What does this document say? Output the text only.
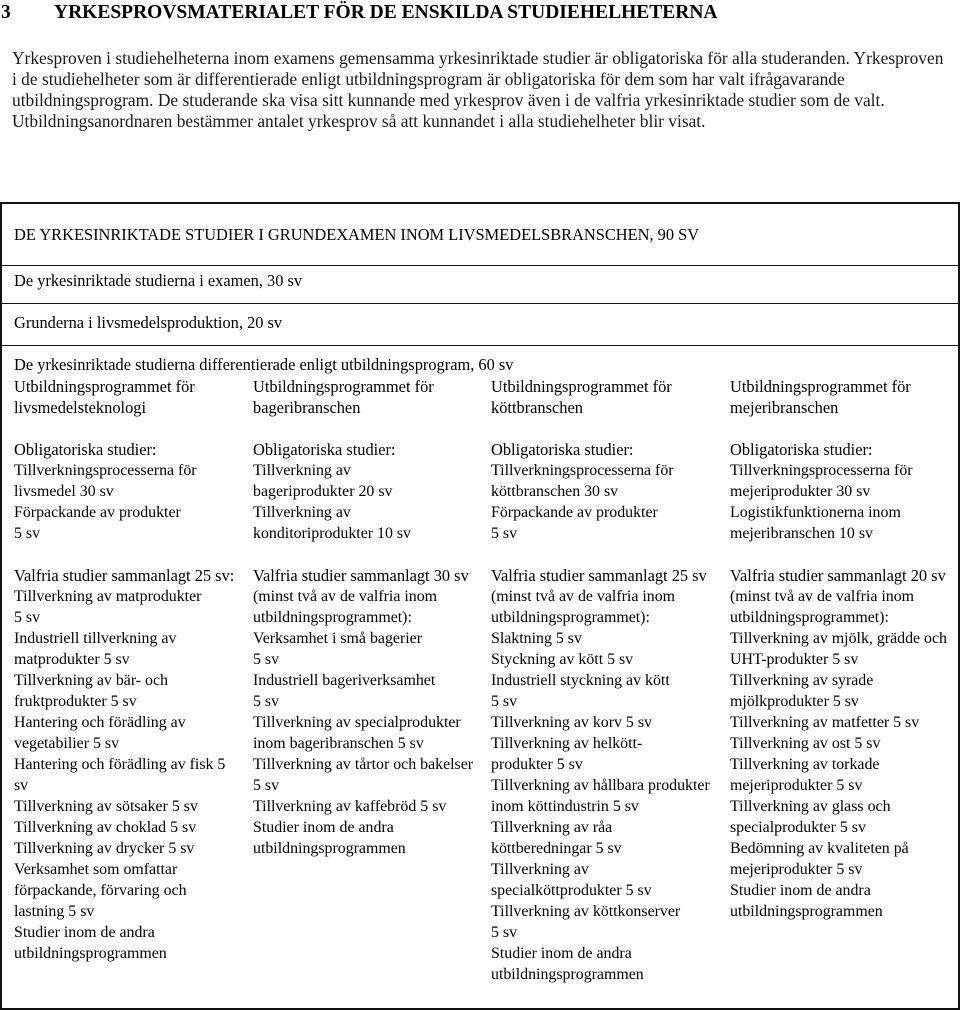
3 YRKESPROVSMATERIALET FÖR DE ENSKILDA STUDIEHELHETERNA
Yrkesproven i studiehelheterna inom examens gemensamma yrkesinriktade studier är obligatoriska för alla studeranden. Yrkesproven i de studiehelheter som är differentierade enligt utbildningsprogram är obligatoriska för dem som har valt ifrågavarande utbildningsprogram. De studerande ska visa sitt kunnande med yrkesprov även i de valfria yrkesinriktade studier som de valt. Utbildningsanordnaren bestämmer antalet yrkesprov så att kunnandet i alla studiehelheter blir visat.
DE YRKESINRIKTADE STUDIER I GRUNDEXAMEN INOM LIVSMEDELSBRANSCHEN, 90 SV
De yrkesinriktade studierna i examen, 30 sv
Grunderna i livsmedelsproduktion, 20 sv
De yrkesinriktade studierna differentierade enligt utbildningsprogram, 60 sv
Utbildningsprogrammet för livsmedelsteknologi
Obligatoriska studier:
Tillverkningsprocesserna för livsmedel 30 sv
Förpackande av produkter
5 sv
Valfria studier sammanlagt 25 sv:
Tillverkning av matprodukter
5 sv
Industriell tillverkning av matprodukter 5 sv
Tillverkning av bär- och fruktprodukter 5 sv
Hantering och förädling av vegetabilier 5 sv
Hantering och förädling av fisk 5 sv
Tillverkning av sötsaker 5 sv
Tillverkning av choklad 5 sv
Tillverkning av drycker 5 sv
Verksamhet som omfattar förpackande, förvaring och lastning 5 sv
Studier inom de andra utbildningsprogrammen
Utbildningsprogrammet för bageribranschen
Obligatoriska studier:
Tillverkning av
bageriprodukter 20 sv
Tillverkning av
konditoriprodukter 10 sv
Valfria studier sammanlagt 30 sv
(minst två av de valfria inom utbildningsprogrammet):
Verksamhet i små bagerier
5 sv
Industriell bageriverksamhet
5 sv
Tillverkning av specialprodukter inom bageribranschen 5 sv
Tillverkning av tårtor och bakelser 5 sv
Tillverkning av kaffebröd 5 sv
Studier inom de andra utbildningsprogrammen
Utbildningsprogrammet för köttbranschen
Obligatoriska studier:
Tillverkningsprocesserna för köttbranschen 30 sv
Förpackande av produkter
5 sv
Valfria studier sammanlagt 25 sv
(minst två av de valfria inom utbildningsprogrammet):
Slaktning 5 sv
Styckning av kött 5 sv
Industriell styckning av kött
5 sv
Tillverkning av korv 5 sv
Tillverkning av helkött-
produkter 5 sv
Tillverkning av hållbara produkter inom köttindustrin 5 sv Tillverkning av råa köttberedningar 5 sv
Tillverkning av
specialköttprodukter 5 sv
Tillverkning av köttkonserver
5 sv
Studier inom de andra utbildningsprogrammen
Utbildningsprogrammet för mejeribranschen
Obligatoriska studier:
Tillverkningsprocesserna för mejeriprodukter 30 sv
Logistikfunktionerna inom mejeribranschen 10 sv
Valfria studier sammanlagt 20 sv
(minst två av de valfria inom utbildningsprogrammet):
Tillverkning av mjölk, grädde och UHT-produkter 5 sv
Tillverkning av syrade mjölkprodukter 5 sv
Tillverkning av matfetter 5 sv
Tillverkning av ost 5 sv
Tillverkning av torkade mejeriprodukter 5 sv
Tillverkning av glass och specialprodukter 5 sv
Bedömning av kvaliteten på mejeriprodukter 5 sv
Studier inom de andra utbildningsprogrammen
